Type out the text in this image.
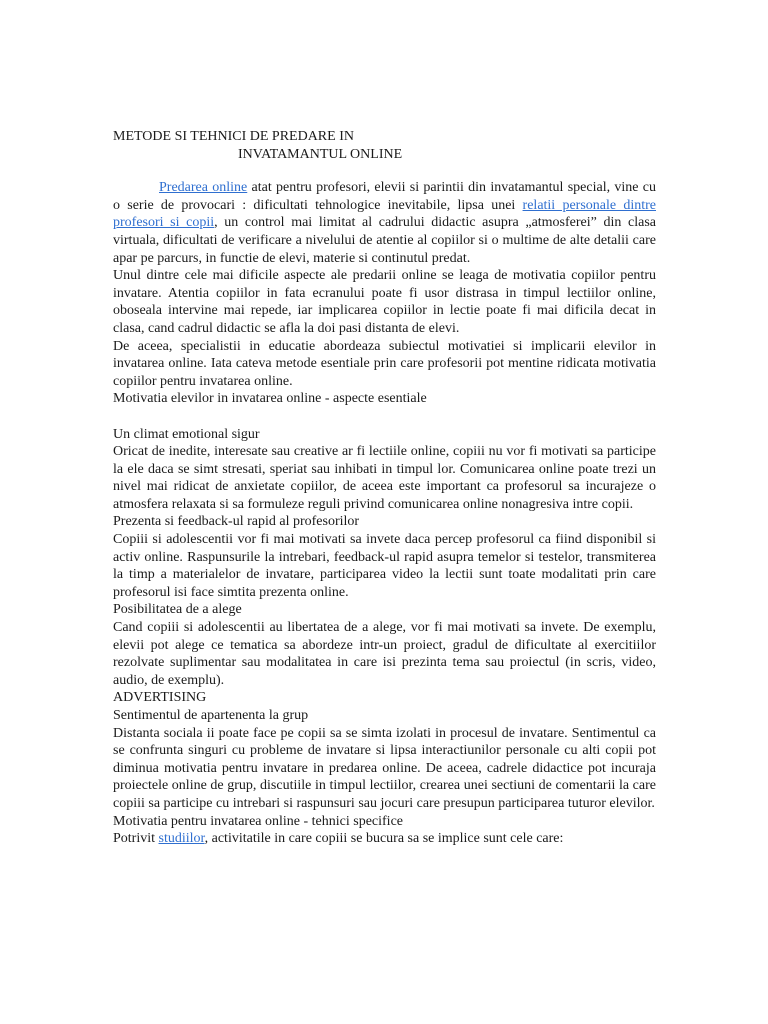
METODE SI TEHNICI DE PREDARE IN

INVATAMANTUL ONLINE

Predarea online atat pentru profesori, elevii si parintii din invatamantul special, vine cu o serie de provocari : dificultati tehnologice inevitabile, lipsa unei relatii personale dintre profesori si copii, un control mai limitat al cadrului didactic asupra „atmosferei” din clasa virtuala, dificultati de verificare a nivelului de atentie al copiilor si o multime de alte detalii care apar pe parcurs, in functie de elevi, materie si continutul predat.

Unul dintre cele mai dificile aspecte ale predarii online se leaga de motivatia copiilor pentru invatare. Atentia copiilor in fata ecranului poate fi usor distrasa in timpul lectiilor online, oboseala intervine mai repede, iar implicarea copiilor in lectie poate fi mai dificila decat in clasa, cand cadrul didactic se afla la doi pasi distanta de elevi.

De aceea, specialistii in educatie abordeaza subiectul motivatiei si implicarii elevilor in invatarea online. Iata cateva metode esentiale prin care profesorii pot mentine ridicata motivatia copiilor pentru invatarea online.

Motivatia elevilor in invatarea online - aspecte esentiale

Un climat emotional sigur

Oricat de inedite, interesate sau creative ar fi lectiile online, copiii nu vor fi motivati sa participe la ele daca se simt stresati, speriat sau inhibati in timpul lor. Comunicarea online poate trezi un nivel mai ridicat de anxietate copiilor, de aceea este important ca profesorul sa incurajeze o atmosfera relaxata si sa formuleze reguli privind comunicarea online nonagresiva intre copii.

Prezenta si feedback-ul rapid al profesorilor

Copiii si adolescentii vor fi mai motivati sa invete daca percep profesorul ca fiind disponibil si activ online. Raspunsurile la intrebari, feedback-ul rapid asupra temelor si testelor, transmiterea la timp a materialelor de invatare, participarea video la lectii sunt toate modalitati prin care profesorul isi face simtita prezenta online.

Posibilitatea de a alege

Cand copiii si adolescentii au libertatea de a alege, vor fi mai motivati sa invete. De exemplu, elevii pot alege ce tematica sa abordeze intr-un proiect, gradul de dificultate al exercitiilor rezolvate suplimentar sau modalitatea in care isi prezinta tema sau proiectul (in scris, video, audio, de exemplu).

ADVERTISING

Sentimentul de apartenenta la grup

Distanta sociala ii poate face pe copii sa se simta izolati in procesul de invatare. Sentimentul ca se confrunta singuri cu probleme de invatare si lipsa interactiunilor personale cu alti copii pot diminua motivatia pentru invatare in predarea online. De aceea, cadrele didactice pot incuraja proiectele online de grup, discutiile in timpul lectiilor, crearea unei sectiuni de comentarii la care copiii sa participe cu intrebari si raspunsuri sau jocuri care presupun participarea tuturor elevilor.

Motivatia pentru invatarea online - tehnici specifice

Potrivit studiilor, activitatile in care copiii se bucura sa se implice sunt cele care:
